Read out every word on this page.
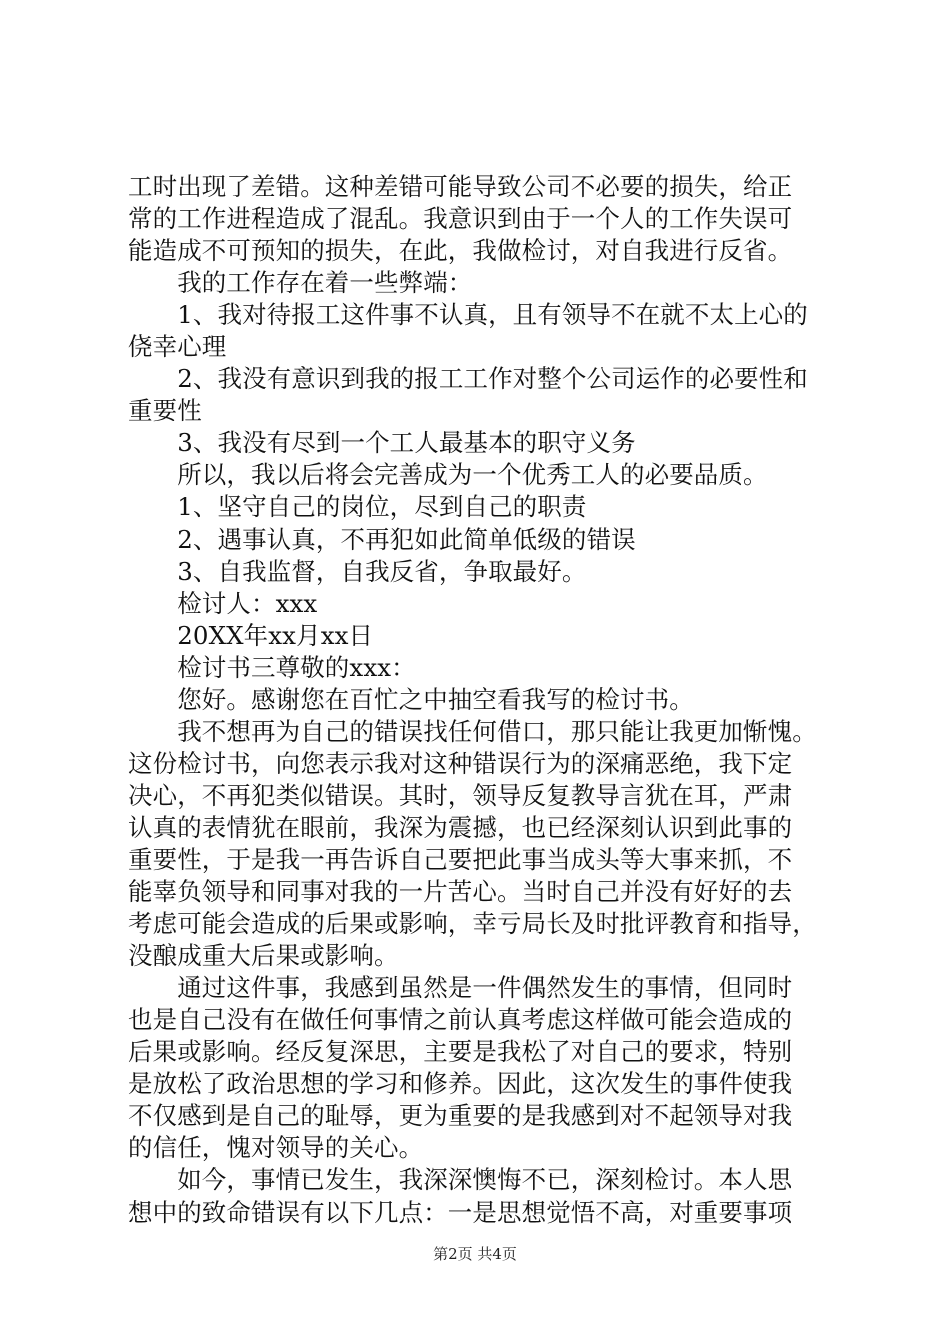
工时出现了差错。这种差错可能导致公司不必要的损失，给正
常的工作进程造成了混乱。我意识到由于一个人的工作失误可
能造成不可预知的损失，在此，我做检讨，对自我进行反省。
　　我的工作存在着一些弊端：
　　1、我对待报工这件事不认真，且有领导不在就不太上心的
侥幸心理
　　2、我没有意识到我的报工工作对整个公司运作的必要性和
重要性
　　3、我没有尽到一个工人最基本的职守义务
　　所以，我以后将会完善成为一个优秀工人的必要品质。
　　1、坚守自己的岗位，尽到自己的职责
　　2、遇事认真，不再犯如此简单低级的错误
　　3、自我监督，自我反省，争取最好。
　　检讨人：xxx
　　20XX年xx月xx日
　　检讨书三尊敬的xxx：
　　您好。感谢您在百忙之中抽空看我写的检讨书。
　　我不想再为自己的错误找任何借口，那只能让我更加惭愧。
这份检讨书，向您表示我对这种错误行为的深痛恶绝，我下定
决心，不再犯类似错误。其时，领导反复教导言犹在耳，严肃
认真的表情犹在眼前，我深为震撼，也已经深刻认识到此事的
重要性，于是我一再告诉自己要把此事当成头等大事来抓，不
能辜负领导和同事对我的一片苦心。当时自己并没有好好的去
考虑可能会造成的后果或影响，幸亏局长及时批评教育和指导，
没酿成重大后果或影响。
　　通过这件事，我感到虽然是一件偶然发生的事情，但同时
也是自己没有在做任何事情之前认真考虑这样做可能会造成的
后果或影响。经反复深思，主要是我松了对自己的要求，特别
是放松了政治思想的学习和修养。因此，这次发生的事件使我
不仅感到是自己的耻辱，更为重要的是我感到对不起领导对我
的信任，愧对领导的关心。
　　如今，事情已发生，我深深懊悔不已，深刻检讨。本人思
想中的致命错误有以下几点：一是思想觉悟不高，对重要事项
第2页 共4页
